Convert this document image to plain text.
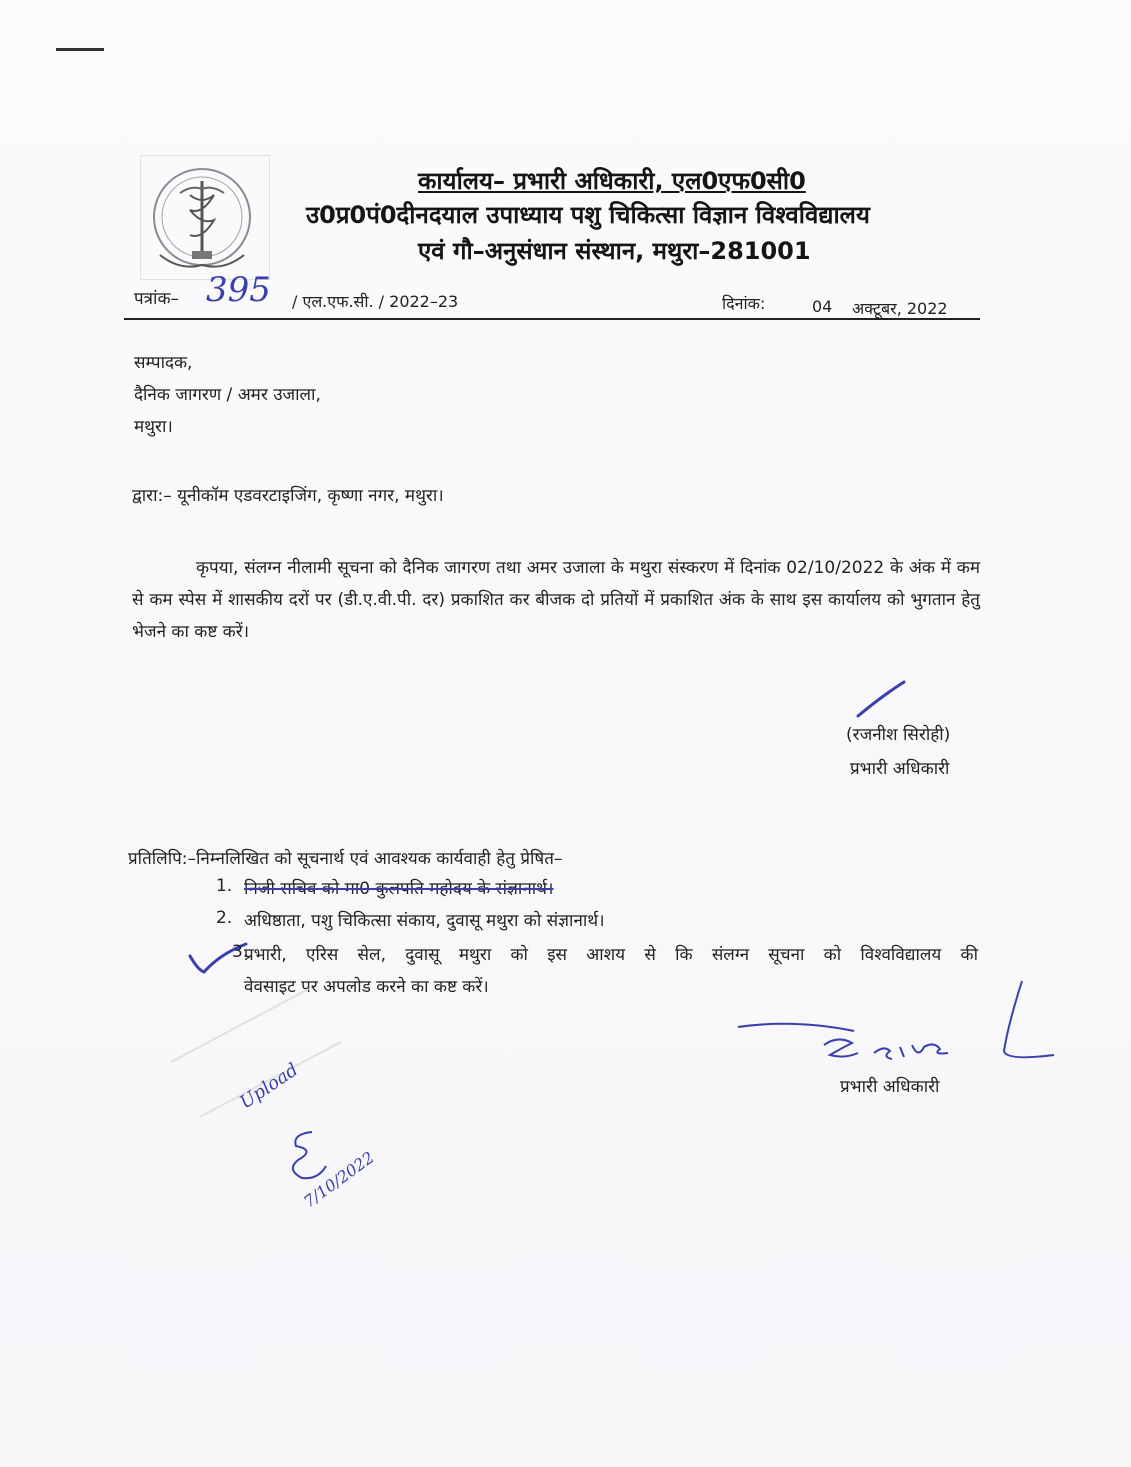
कार्यालय– प्रभारी अधिकारी, एल0एफ0सी0
उ0प्र0पं0दीनदयाल उपाध्याय पशु चिकित्सा विज्ञान विश्वविद्यालय
एवं गौ–अनुसंधान संस्थान, मथुरा–281001
पत्रांक– 395 / एल.एफ.सी. / 2022–23	दिनांक:	04 अक्टूबर, 2022
सम्पादक,
दैनिक जागरण / अमर उजाला,
मथुरा।
द्वारा:– यूनीकॉम एडवरटाइजिंग, कृष्णा नगर, मथुरा।
कृपया, संलग्न नीलामी सूचना को दैनिक जागरण तथा अमर उजाला के मथुरा संस्करण में दिनांक 02/10/2022 के अंक में कम से कम स्पेस में शासकीय दरों पर (डी.ए.वी.पी. दर) प्रकाशित कर बीजक दो प्रतियों में प्रकाशित अंक के साथ इस कार्यालय को भुगतान हेतु भेजने का कष्ट करें।
(रजनीश सिरोही)
प्रभारी अधिकारी
प्रतिलिपि:–निम्नलिखित को सूचनार्थ एवं आवश्यक कार्यवाही हेतु प्रेषित–
1. निजी सचिव को मा0 कुलपति महोदय के संज्ञानार्थ।
2. अधिष्ठाता, पशु चिकित्सा संकाय, दुवासू मथुरा को संज्ञानार्थ।
3.
प्रभारी, एरिस सेल, दुवासू मथुरा को इस आशय से कि संलग्न सूचना को विश्वविद्यालय की
वेवसाइट पर अपलोड करने का कष्ट करें।
प्रभारी अधिकारी
Upload
7/10/2022
